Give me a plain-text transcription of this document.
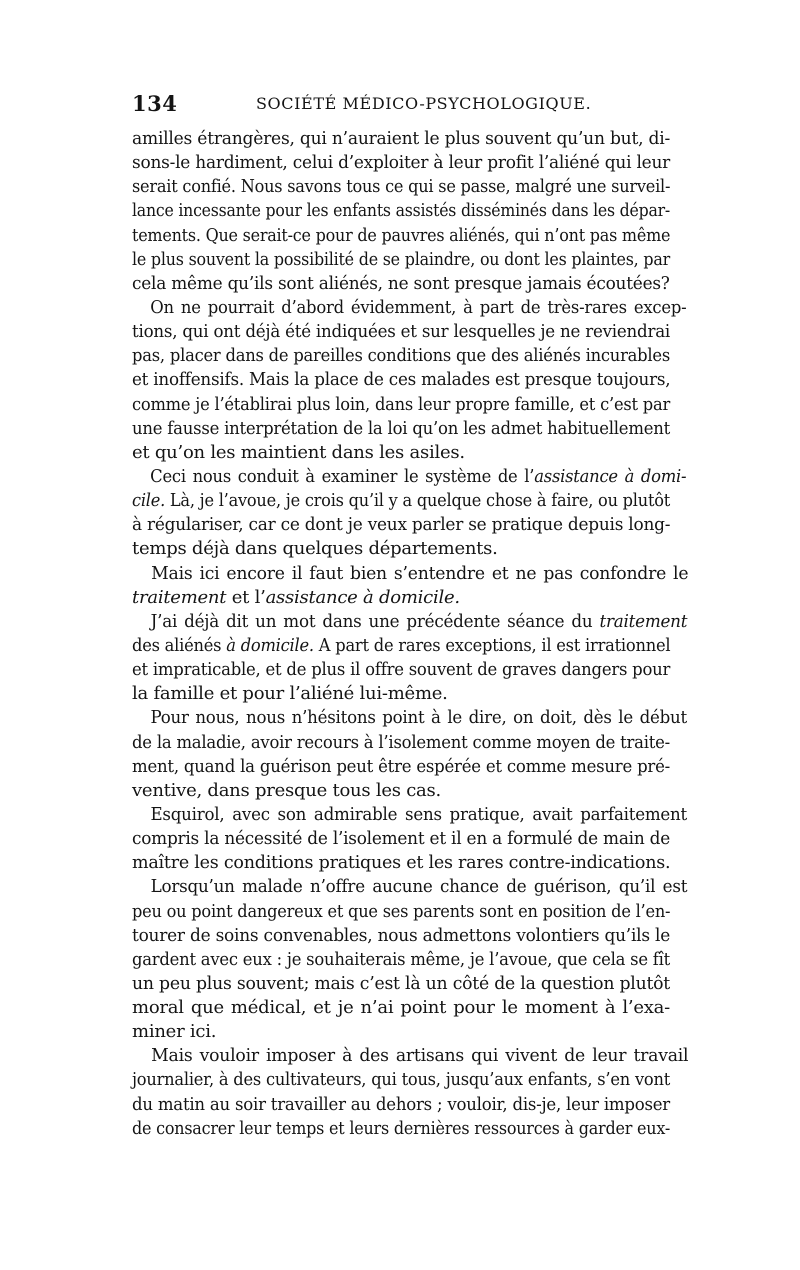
134	SOCIÉTÉ MÉDICO-PSYCHOLOGIQUE.
amilles étrangères, qui n’auraient le plus souvent qu’un but, di-
sons-le hardiment, celui d’exploiter à leur profit l’aliéné qui leur
serait confié. Nous savons tous ce qui se passe, malgré une surveil-
lance incessante pour les enfants assistés disséminés dans les dépar-
tements. Que serait-ce pour de pauvres aliénés, qui n’ont pas même
le plus souvent la possibilité de se plaindre, ou dont les plaintes, par
cela même qu’ils sont aliénés, ne sont presque jamais écoutées?
On ne pourrait d’abord évidemment, à part de très-rares excep-
tions, qui ont déjà été indiquées et sur lesquelles je ne reviendrai
pas, placer dans de pareilles conditions que des aliénés incurables
et inoffensifs. Mais la place de ces malades est presque toujours,
comme je l’établirai plus loin, dans leur propre famille, et c’est par
une fausse interprétation de la loi qu’on les admet habituellement
et qu’on les maintient dans les asiles.
Ceci nous conduit à examiner le système de l’assistance à domi-
cile. Là, je l’avoue, je crois qu’il y a quelque chose à faire, ou plutôt
à régulariser, car ce dont je veux parler se pratique depuis long-
temps déjà dans quelques départements.
Mais ici encore il faut bien s’entendre et ne pas confondre le
traitement et l’assistance à domicile.
J’ai déjà dit un mot dans une précédente séance du traitement
des aliénés à domicile. A part de rares exceptions, il est irrationnel
et impraticable, et de plus il offre souvent de graves dangers pour
la famille et pour l’aliéné lui-même.
Pour nous, nous n’hésitons point à le dire, on doit, dès le début
de la maladie, avoir recours à l’isolement comme moyen de traite-
ment, quand la guérison peut être espérée et comme mesure pré-
ventive, dans presque tous les cas.
Esquirol, avec son admirable sens pratique, avait parfaitement
compris la nécessité de l’isolement et il en a formulé de main de
maître les conditions pratiques et les rares contre-indications.
Lorsqu’un malade n’offre aucune chance de guérison, qu’il est
peu ou point dangereux et que ses parents sont en position de l’en-
tourer de soins convenables, nous admettons volontiers qu’ils le
gardent avec eux : je souhaiterais même, je l’avoue, que cela se fît
un peu plus souvent; mais c’est là un côté de la question plutôt
moral que médical, et je n’ai point pour le moment à l’exa-
miner ici.
Mais vouloir imposer à des artisans qui vivent de leur travail
journalier, à des cultivateurs, qui tous, jusqu’aux enfants, s’en vont
du matin au soir travailler au dehors ; vouloir, dis-je, leur imposer
de consacrer leur temps et leurs dernières ressources à garder eux-
